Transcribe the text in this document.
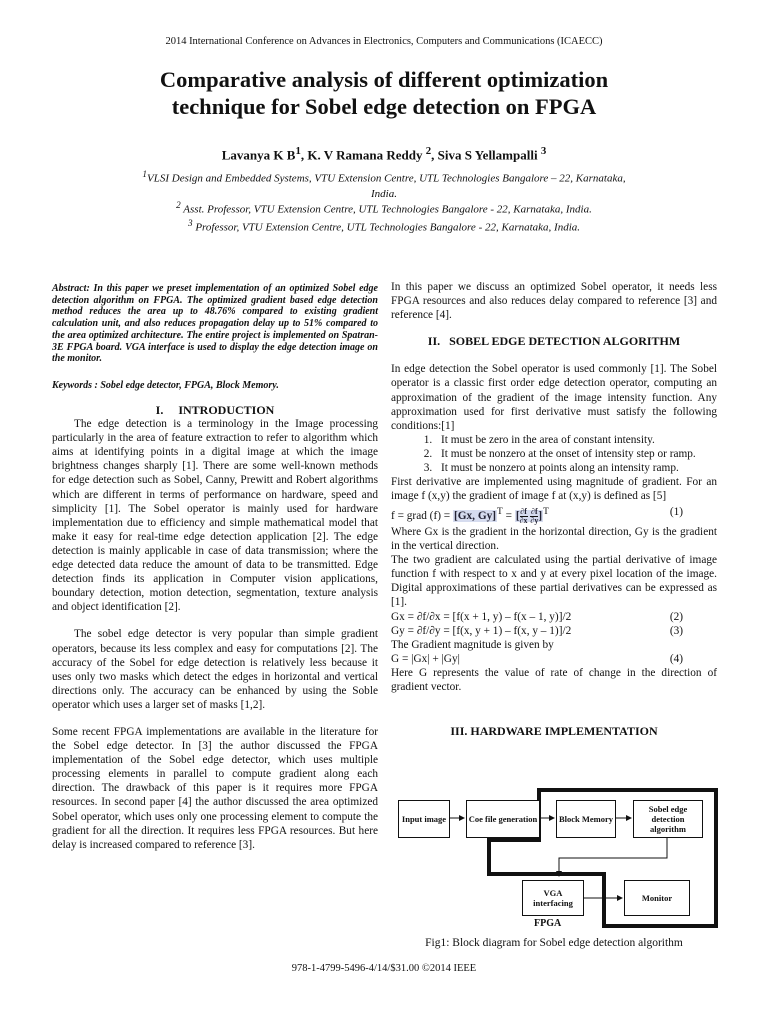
2014 International Conference on Advances in Electronics, Computers and Communications (ICAECC)
Comparative analysis of different optimization
technique for Sobel edge detection on FPGA
Lavanya K $B^1$, K. V Ramana Reddy $^2$, Siva S Yellampalli $^3$
$^1$VLSI Design and Embedded Systems, VTU Extension Centre, UTL Technologies Bangalore – 22, Karnataka, India.
$^2$ Asst. Professor, VTU Extension Centre, UTL Technologies Bangalore - 22, Karnataka, India.
$^3$ Professor, VTU Extension Centre, UTL Technologies Bangalore - 22, Karnataka, India.

Abstract: In this paper we preset implementation of an optimized Sobel edge detection algorithm on FPGA. The optimized gradient based edge detection method reduces the area up to 48.76% compared to existing gradient calculation unit, and also reduces propagation delay up to 51% compared to the area optimized architecture. The entire project is implemented on Spatran-3E FPGA board. VGA interface is used to display the edge detection image on the monitor.

Keywords : Sobel edge detector, FPGA, Block Memory.

I.     INTRODUCTION

The edge detection is a terminology in the Image processing particularly in the area of feature extraction to refer to algorithm which aims at identifying points in a digital image at which the image brightness changes sharply [1]. There are some well-known methods for edge detection such as Sobel, Canny, Prewitt and Robert algorithms which are different in terms of performance on hardware, speed and simplicity [1]. The Sobel operator is mainly used for hardware implementation due to efficiency and simple mathematical model that make it easy for real-time edge detection application [2]. The edge detection is mainly applicable in case of data transmission; where the edge detected data reduce the amount of data to be transmitted. Edge detection finds its application in Computer vision applications, boundary detection, motion detection, segmentation, texture analysis and object identification [2].

The sobel edge detector is very popular than simple gradient operators, because its less complex and easy for computations [2]. The accuracy of the Sobel for edge detection is relatively less because it uses only two masks which detect the edges in horizontal and vertical directions only. The accuracy can be enhanced by using the Soble operator which uses a larger set of masks [1,2].

Some recent FPGA implementations are available in the literature for the Sobel edge detector. In [3] the author discussed the FPGA implementation of the Sobel edge detector, which uses multiple processing elements in parallel to compute gradient along each direction. The drawback of this paper is it requires more FPGA resources. In second paper [4] the author discussed the area optimized Sobel operator, which uses only one processing element to compute the gradient for all the direction. It requires less FPGA resources. But here delay is increased compared to reference [3].

In this paper we discuss an optimized Sobel operator, it needs less FPGA resources and also reduces delay compared to reference [3] and reference [4].

II.   SOBEL EDGE DETECTION ALGORITHM

In edge detection the Sobel operator is used commonly [1]. The Sobel operator is a classic first order edge detection operator, computing an approximation of the gradient of the image intensity function. Any approximation used for first derivative must satisfy the following conditions:[1]

1. It must be zero in the area of constant intensity.
2. It must be nonzero at the onset of intensity step or ramp.
3. It must be nonzero at points along an intensity ramp.

First derivative are implemented using magnitude of gradient. For an image f (x,y) the gradient of image f at (x,y) is defined as [5]

f = grad (f) = [Gx, Gy]$^T$ = [ $\frac{\partial f}{\partial x}$
$\frac{\partial f}{\partial y} ]^T$	(1)

Where Gx is the gradient in the horizontal direction, Gy is the gradient in the vertical direction.

The two gradient are calculated using the partial derivative of image function f with respect to x and y at every pixel location of the image. Digital approximations of these partial derivatives can be expressed as [1].

Gx = ∂f/∂x = [f(x + 1, y) – f(x – 1, y)]/2	(2)
Gy = ∂f/∂y = [f(x, y + 1) – f(x, y – 1)]/2	(3)

The Gradient magnitude is given by

G = |Gx| + |Gy|	(4)

Here G represents the value of rate of change in the direction of gradient vector.

III. HARDWARE IMPLEMENTATION

Input image	Coe file generation	Block Memory
Sobel edge detection algorithm
VGA interfacing	Monitor
FPGA
Fig1: Block diagram for Sobel edge detection algorithm
978-1-4799-5496-4/14/$31.00 ©2014 IEEE
